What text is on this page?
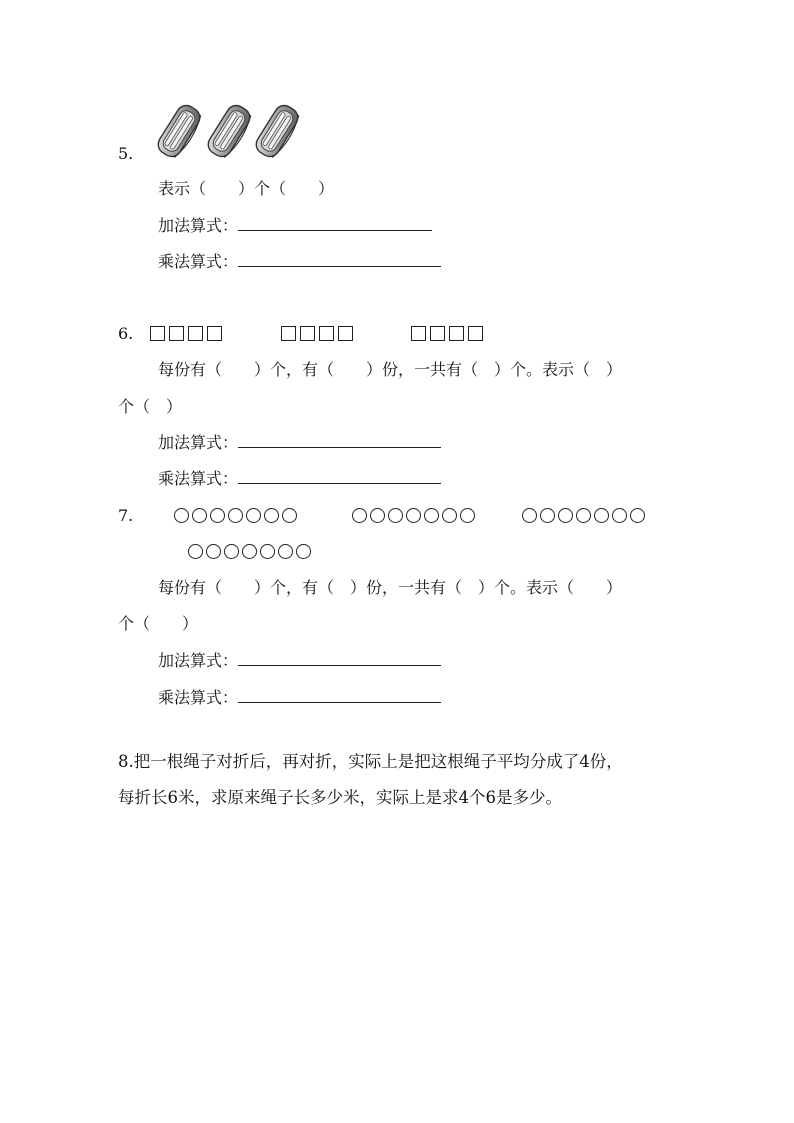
5.
表示（　　）个（　　）
加法算式：
乘法算式：
6.
每份有（　　）个，有（　　）份，一共有（　）个。表示（　）
个（　）
加法算式：
乘法算式：
7.
每份有（　　）个，有（　）份，一共有（　）个。表示（　　）
个（　　）
加法算式：
乘法算式：
8.把一根绳子对折后，再对折，实际上是把这根绳子平均分成了4份，
每折长6米，求原来绳子长多少米，实际上是求4个6是多少。
